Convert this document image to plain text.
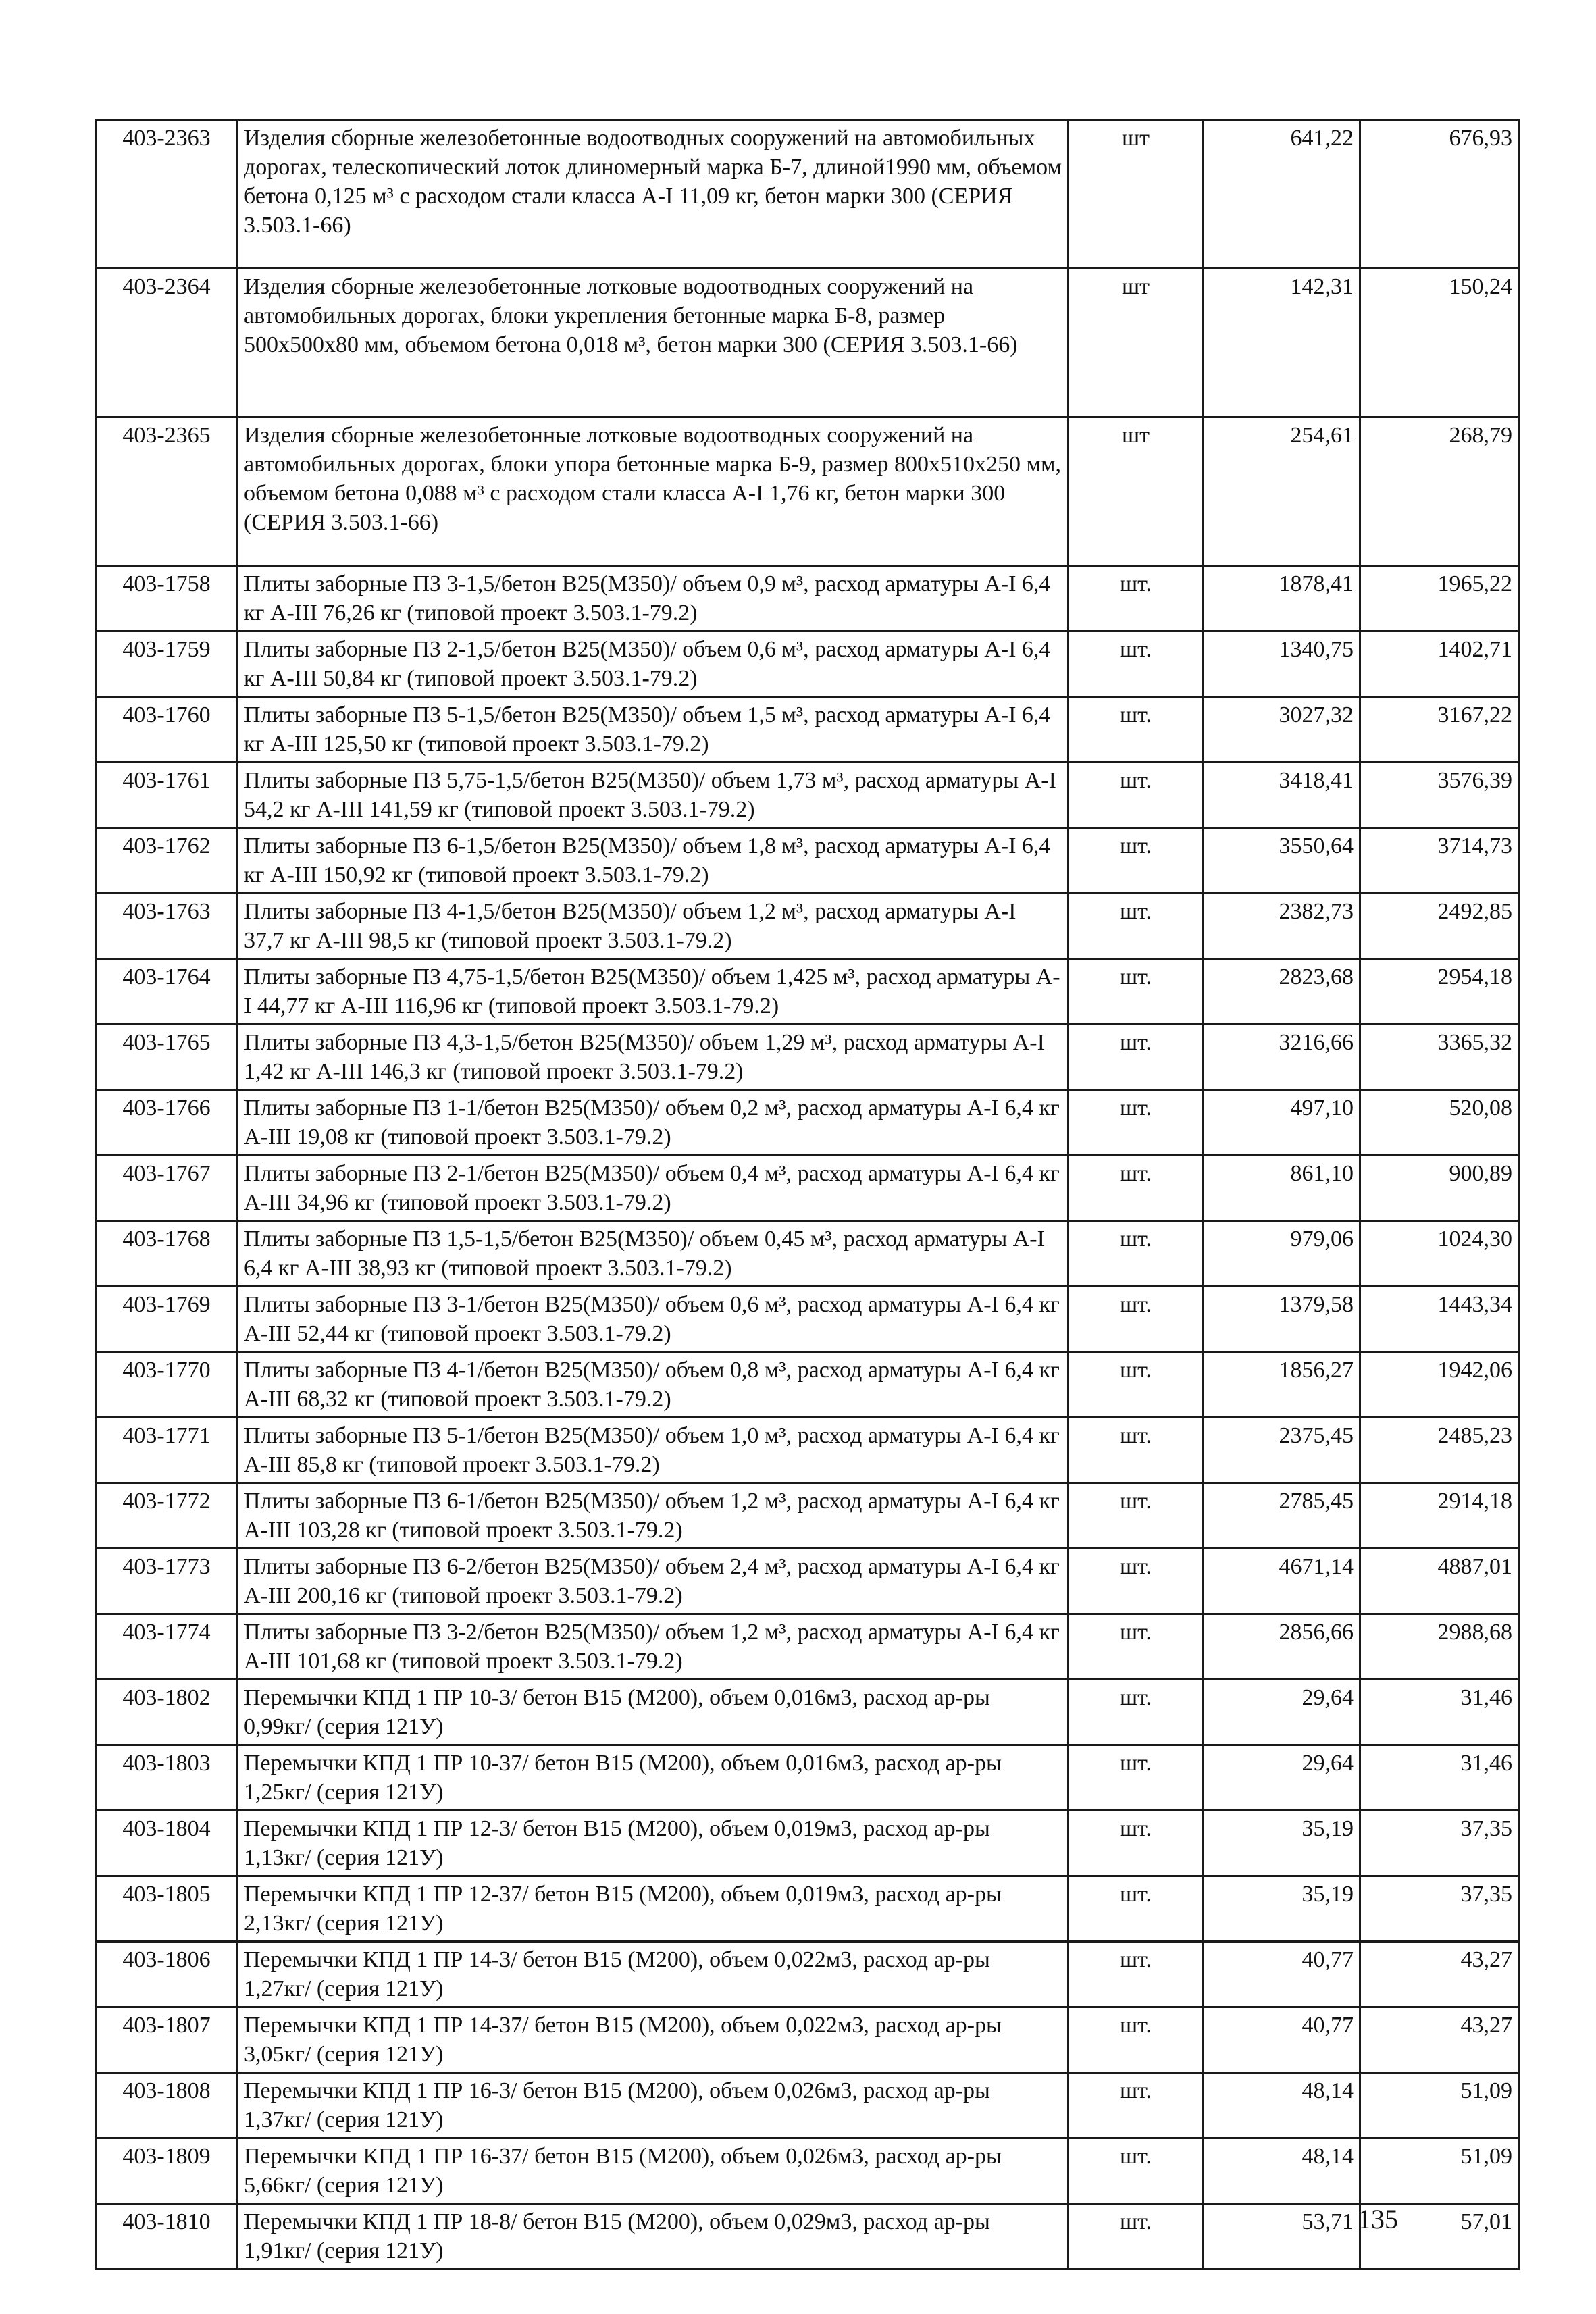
403-2363	Изделия сборные железобетонные водоотводных сооружений на автомобильных дорогах, телескопический лоток длиномерный марка Б-7, длиной1990 мм, объемом бетона 0,125 м³ с расходом стали класса А-I 11,09 кг, бетон марки 300 (СЕРИЯ 3.503.1-66)	шт	641,22	676,93
403-2364	Изделия сборные железобетонные лотковые водоотводных сооружений на автомобильных дорогах, блоки укрепления бетонные марка Б-8, размер 500х500х80 мм, объемом бетона 0,018 м³, бетон марки 300 (СЕРИЯ 3.503.1-66)	шт	142,31	150,24
403-2365	Изделия сборные железобетонные лотковые водоотводных сооружений на автомобильных дорогах, блоки упора бетонные марка Б-9, размер 800х510х250 мм, объемом бетона 0,088 м³ с расходом стали класса А-I 1,76 кг, бетон марки 300 (СЕРИЯ 3.503.1-66)	шт	254,61	268,79
403-1758	Плиты заборные ПЗ 3-1,5/бетон В25(М350)/ объем 0,9 м³, расход арматуры А-I 6,4 кг А-III 76,26 кг (типовой проект 3.503.1-79.2)	шт.	1878,41	1965,22
403-1759	Плиты заборные ПЗ 2-1,5/бетон В25(М350)/ объем 0,6 м³, расход арматуры А-I 6,4 кг А-III 50,84 кг (типовой проект 3.503.1-79.2)	шт.	1340,75	1402,71
403-1760	Плиты заборные ПЗ 5-1,5/бетон В25(М350)/ объем 1,5 м³, расход арматуры А-I 6,4 кг А-III 125,50 кг (типовой проект 3.503.1-79.2)	шт.	3027,32	3167,22
403-1761	Плиты заборные ПЗ 5,75-1,5/бетон В25(М350)/ объем 1,73 м³, расход арматуры А-I 54,2 кг А-III 141,59 кг (типовой проект 3.503.1-79.2)	шт.	3418,41	3576,39
403-1762	Плиты заборные ПЗ 6-1,5/бетон В25(М350)/ объем 1,8 м³, расход арматуры А-I 6,4 кг А-III 150,92 кг (типовой проект 3.503.1-79.2)	шт.	3550,64	3714,73
403-1763	Плиты заборные ПЗ 4-1,5/бетон В25(М350)/ объем 1,2 м³, расход арматуры А-I 37,7 кг А-III 98,5 кг (типовой проект 3.503.1-79.2)	шт.	2382,73	2492,85
403-1764	Плиты заборные ПЗ 4,75-1,5/бетон В25(М350)/ объем 1,425 м³, расход арматуры А-I 44,77 кг А-III 116,96 кг (типовой проект 3.503.1-79.2)	шт.	2823,68	2954,18
403-1765	Плиты заборные ПЗ 4,3-1,5/бетон В25(М350)/ объем 1,29 м³, расход арматуры А-I 1,42 кг А-III 146,3 кг (типовой проект 3.503.1-79.2)	шт.	3216,66	3365,32
403-1766	Плиты заборные ПЗ 1-1/бетон В25(М350)/ объем 0,2 м³, расход арматуры А-I 6,4 кг А-III 19,08 кг (типовой проект 3.503.1-79.2)	шт.	497,10	520,08
403-1767	Плиты заборные ПЗ 2-1/бетон В25(М350)/ объем 0,4 м³, расход арматуры А-I 6,4 кг А-III 34,96 кг (типовой проект 3.503.1-79.2)	шт.	861,10	900,89
403-1768	Плиты заборные ПЗ 1,5-1,5/бетон В25(М350)/ объем 0,45 м³, расход арматуры А-I 6,4 кг А-III 38,93 кг (типовой проект 3.503.1-79.2)	шт.	979,06	1024,30
403-1769	Плиты заборные ПЗ 3-1/бетон В25(М350)/ объем 0,6 м³, расход арматуры А-I 6,4 кг А-III 52,44 кг (типовой проект 3.503.1-79.2)	шт.	1379,58	1443,34
403-1770	Плиты заборные ПЗ 4-1/бетон В25(М350)/ объем 0,8 м³, расход арматуры А-I 6,4 кг А-III 68,32 кг (типовой проект 3.503.1-79.2)	шт.	1856,27	1942,06
403-1771	Плиты заборные ПЗ 5-1/бетон В25(М350)/ объем 1,0 м³, расход арматуры А-I 6,4 кг А-III 85,8 кг (типовой проект 3.503.1-79.2)	шт.	2375,45	2485,23
403-1772	Плиты заборные ПЗ 6-1/бетон В25(М350)/ объем 1,2 м³, расход арматуры А-I 6,4 кг А-III 103,28 кг (типовой проект 3.503.1-79.2)	шт.	2785,45	2914,18
403-1773	Плиты заборные ПЗ 6-2/бетон В25(М350)/ объем 2,4 м³, расход арматуры А-I 6,4 кг А-III 200,16 кг (типовой проект 3.503.1-79.2)	шт.	4671,14	4887,01
403-1774	Плиты заборные ПЗ 3-2/бетон В25(М350)/ объем 1,2 м³, расход арматуры А-I 6,4 кг А-III 101,68 кг (типовой проект 3.503.1-79.2)	шт.	2856,66	2988,68
403-1802	Перемычки КПД 1 ПР 10-3/ бетон В15 (М200), объем 0,016м3, расход ар-ры 0,99кг/ (серия 121У)	шт.	29,64	31,46
403-1803	Перемычки КПД 1 ПР 10-37/ бетон В15 (М200), объем 0,016м3, расход ар-ры 1,25кг/ (серия 121У)	шт.	29,64	31,46
403-1804	Перемычки КПД 1 ПР 12-3/ бетон В15 (М200), объем 0,019м3, расход ар-ры 1,13кг/ (серия 121У)	шт.	35,19	37,35
403-1805	Перемычки КПД 1 ПР 12-37/ бетон В15 (М200), объем 0,019м3, расход ар-ры 2,13кг/ (серия 121У)	шт.	35,19	37,35
403-1806	Перемычки КПД 1 ПР 14-3/ бетон В15 (М200), объем 0,022м3, расход ар-ры 1,27кг/ (серия 121У)	шт.	40,77	43,27
403-1807	Перемычки КПД 1 ПР 14-37/ бетон В15 (М200), объем 0,022м3, расход ар-ры 3,05кг/ (серия 121У)	шт.	40,77	43,27
403-1808	Перемычки КПД 1 ПР 16-3/ бетон В15 (М200), объем 0,026м3, расход ар-ры 1,37кг/ (серия 121У)	шт.	48,14	51,09
403-1809	Перемычки КПД 1 ПР 16-37/ бетон В15 (М200), объем 0,026м3, расход ар-ры 5,66кг/ (серия 121У)	шт.	48,14	51,09
403-1810	Перемычки КПД 1 ПР 18-8/ бетон В15 (М200), объем 0,029м3, расход ар-ры 1,91кг/ (серия 121У)	шт.	53,71	57,01
135
